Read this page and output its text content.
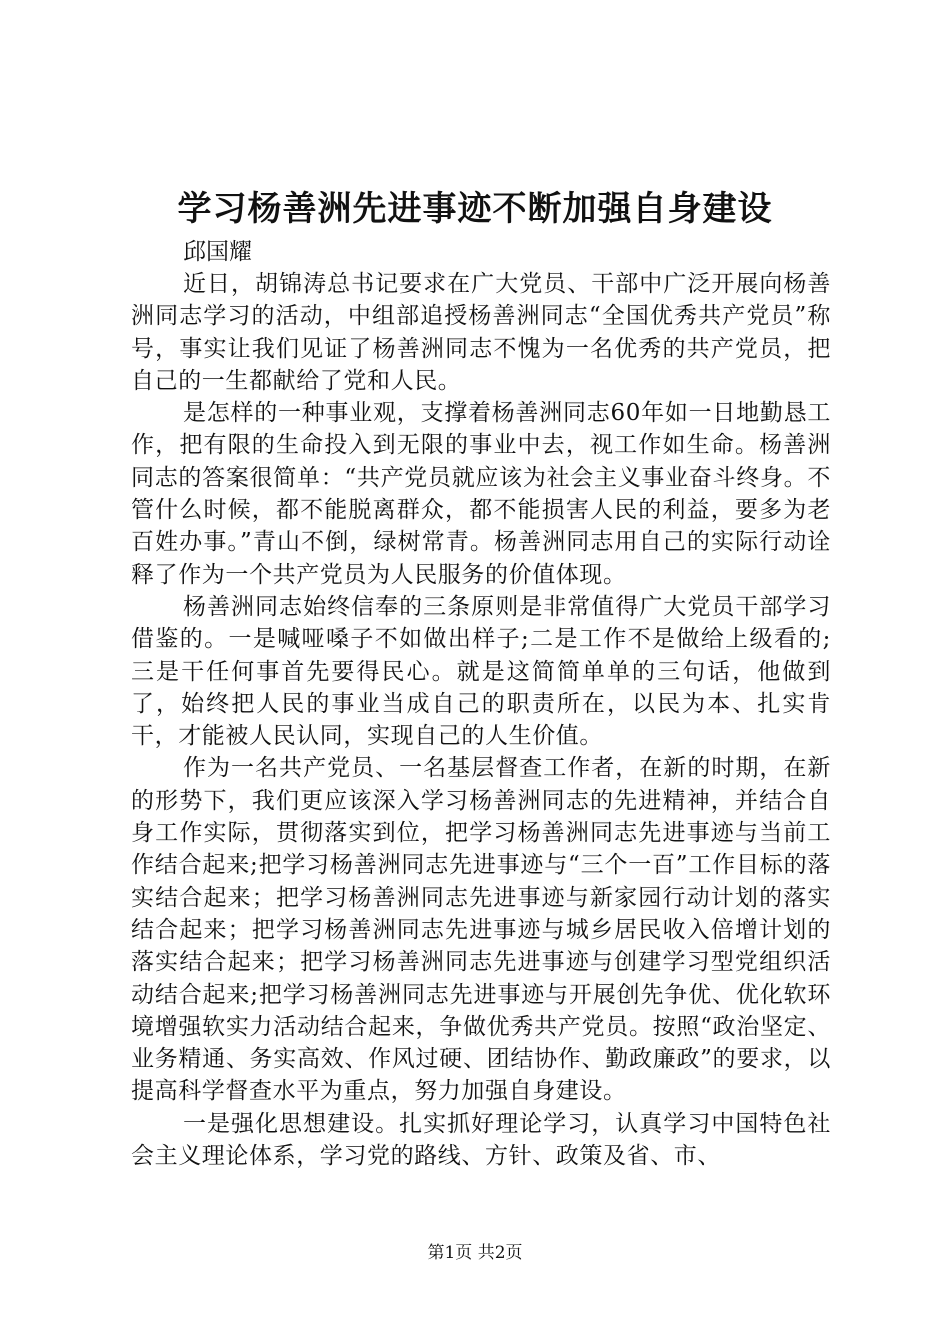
学习杨善洲先进事迹不断加强自身建设

邱国耀

近日，胡锦涛总书记要求在广大党员、干部中广泛开展向杨善洲同志学习的活动，中组部追授杨善洲同志“全国优秀共产党员”称号，事实让我们见证了杨善洲同志不愧为一名优秀的共产党员，把自己的一生都献给了党和人民。

是怎样的一种事业观，支撑着杨善洲同志60年如一日地勤恳工作，把有限的生命投入到无限的事业中去，视工作如生命。杨善洲同志的答案很简单：“共产党员就应该为社会主义事业奋斗终身。不管什么时候，都不能脱离群众，都不能损害人民的利益，要多为老百姓办事。”青山不倒，绿树常青。杨善洲同志用自己的实际行动诠释了作为一个共产党员为人民服务的价值体现。

杨善洲同志始终信奉的三条原则是非常值得广大党员干部学习借鉴的。一是喊哑嗓子不如做出样子;二是工作不是做给上级看的;三是干任何事首先要得民心。就是这简简单单的三句话，他做到了，始终把人民的事业当成自己的职责所在，以民为本、扎实肯干，才能被人民认同，实现自己的人生价值。

作为一名共产党员、一名基层督查工作者，在新的时期，在新的形势下，我们更应该深入学习杨善洲同志的先进精神，并结合自身工作实际，贯彻落实到位，把学习杨善洲同志先进事迹与当前工作结合起来;把学习杨善洲同志先进事迹与“三个一百”工作目标的落实结合起来；把学习杨善洲同志先进事迹与新家园行动计划的落实结合起来；把学习杨善洲同志先进事迹与城乡居民收入倍增计划的落实结合起来；把学习杨善洲同志先进事迹与创建学习型党组织活动结合起来;把学习杨善洲同志先进事迹与开展创先争优、优化软环境增强软实力活动结合起来，争做优秀共产党员。按照“政治坚定、业务精通、务实高效、作风过硬、团结协作、勤政廉政”的要求，以提高科学督查水平为重点，努力加强自身建设。

一是强化思想建设。扎实抓好理论学习，认真学习中国特色社会主义理论体系，学习党的路线、方针、政策及省、市、

第1页 共2页
